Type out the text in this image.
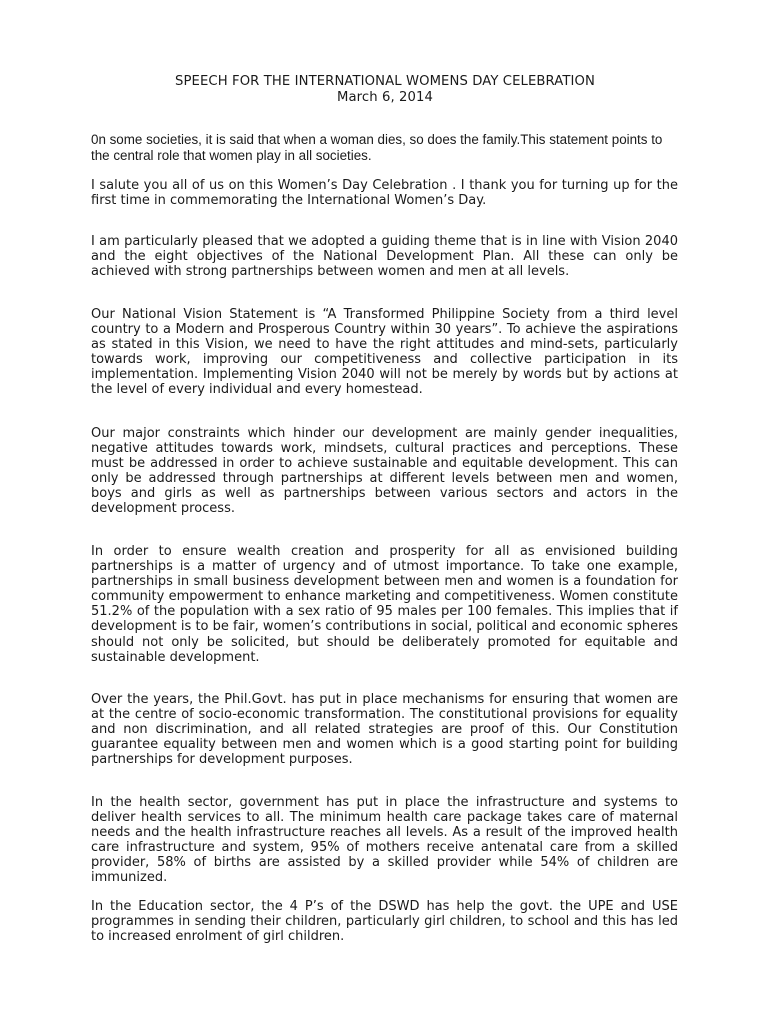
SPEECH FOR THE INTERNATIONAL WOMENS DAY CELEBRATION
March 6, 2014

0n some societies, it is said that when a woman dies, so does the family.This statement points to the central role that women play in all societies.

I salute you all of us on this Women’s Day Celebration . I thank you for turning up for the first time in commemorating the International Women’s Day.

I am particularly pleased that we adopted a guiding theme that is in line with Vision 2040 and the eight objectives of the National Development Plan. All these can only be achieved with strong partnerships between women and men at all levels.

Our National Vision Statement is “A Transformed Philippine Society from a third level country to a Modern and Prosperous Country within 30 years”. To achieve the aspirations as stated in this Vision, we need to have the right attitudes and mind-sets, particularly towards work, improving our competitiveness and collective participation in its implementation. Implementing Vision 2040 will not be merely by words but by actions at the level of every individual and every homestead.

Our major constraints which hinder our development are mainly gender inequalities, negative attitudes towards work, mindsets, cultural practices and perceptions. These must be addressed in order to achieve sustainable and equitable development. This can only be addressed through partnerships at different levels between men and women, boys and girls as well as partnerships between various sectors and actors in the development process.

In order to ensure wealth creation and prosperity for all as envisioned building partnerships is a matter of urgency and of utmost importance. To take one example, partnerships in small business development between men and women is a foundation for community empowerment to enhance marketing and competitiveness. Women constitute 51.2% of the population with a sex ratio of 95 males per 100 females. This implies that if development is to be fair, women’s contributions in social, political and economic spheres should not only be solicited, but should be deliberately promoted for equitable and sustainable development.

Over the years, the Phil.Govt. has put in place mechanisms for ensuring that women are at the centre of socio-economic transformation. The constitutional provisions for equality and non discrimination, and all related strategies are proof of this. Our Constitution guarantee equality between men and women which is a good starting point for building partnerships for development purposes.

In the health sector, government has put in place the infrastructure and systems to deliver health services to all. The minimum health care package takes care of maternal needs and the health infrastructure reaches all levels. As a result of the improved health care infrastructure and system, 95% of mothers receive antenatal care from a skilled provider, 58% of births are assisted by a skilled provider while 54% of children are immunized.

In the Education sector, the 4 P’s of the DSWD has help the govt. the UPE and USE programmes in sending their children, particularly girl children, to school and this has led to increased enrolment of girl children.
